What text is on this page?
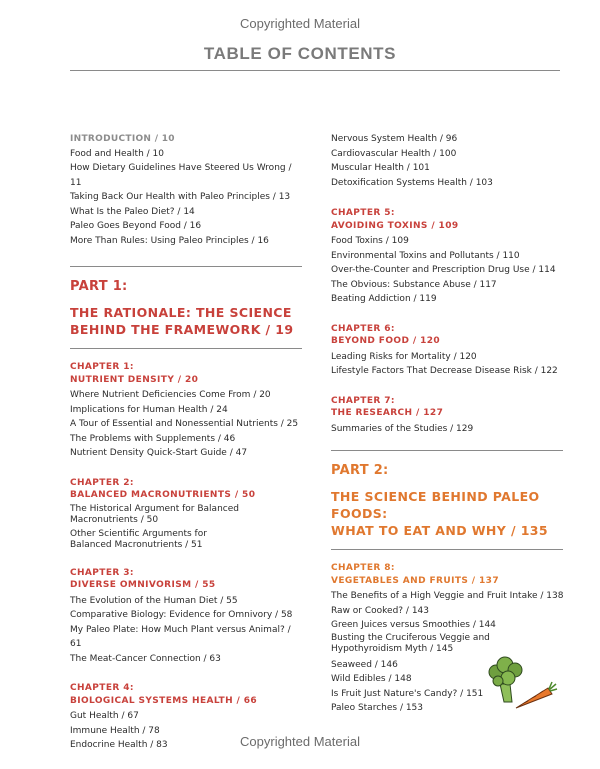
Copyrighted Material
TABLE OF CONTENTS
INTRODUCTION / 10
Food and Health / 10
How Dietary Guidelines Have Steered Us Wrong / 11
Taking Back Our Health with Paleo Principles / 13
What Is the Paleo Diet? / 14
Paleo Goes Beyond Food / 16
More Than Rules: Using Paleo Principles / 16
PART 1:
THE RATIONALE: THE SCIENCE
BEHIND THE FRAMEWORK / 19
CHAPTER 1:
NUTRIENT DENSITY / 20
Where Nutrient Deficiencies Come From / 20
Implications for Human Health / 24
A Tour of Essential and Nonessential Nutrients / 25
The Problems with Supplements / 46
Nutrient Density Quick-Start Guide / 47
CHAPTER 2:
BALANCED MACRONUTRIENTS / 50
The Historical Argument for Balanced Macronutrients / 50
Other Scientific Arguments for Balanced Macronutrients / 51
CHAPTER 3:
DIVERSE OMNIVORISM / 55
The Evolution of the Human Diet / 55
Comparative Biology: Evidence for Omnivory / 58
My Paleo Plate: How Much Plant versus Animal? / 61
The Meat-Cancer Connection / 63
CHAPTER 4:
BIOLOGICAL SYSTEMS HEALTH / 66
Gut Health / 67
Immune Health / 78
Endocrine Health / 83
Nervous System Health / 96
Cardiovascular Health / 100
Muscular Health / 101
Detoxification Systems Health / 103
CHAPTER 5:
AVOIDING TOXINS / 109
Food Toxins / 109
Environmental Toxins and Pollutants / 110
Over-the-Counter and Prescription Drug Use / 114
The Obvious: Substance Abuse / 117
Beating Addiction / 119
CHAPTER 6:
BEYOND FOOD / 120
Leading Risks for Mortality / 120
Lifestyle Factors That Decrease Disease Risk / 122
CHAPTER 7:
THE RESEARCH / 127
Summaries of the Studies / 129
PART 2:
THE SCIENCE BEHIND PALEO FOODS:
WHAT TO EAT AND WHY / 135
CHAPTER 8:
VEGETABLES AND FRUITS / 137
The Benefits of a High Veggie and Fruit Intake / 138
Raw or Cooked? / 143
Green Juices versus Smoothies / 144
Busting the Cruciferous Veggie and Hypothyroidism Myth / 145
Seaweed / 146
Wild Edibles / 148
Is Fruit Just Nature's Candy? / 151
Paleo Starches / 153
Copyrighted Material
